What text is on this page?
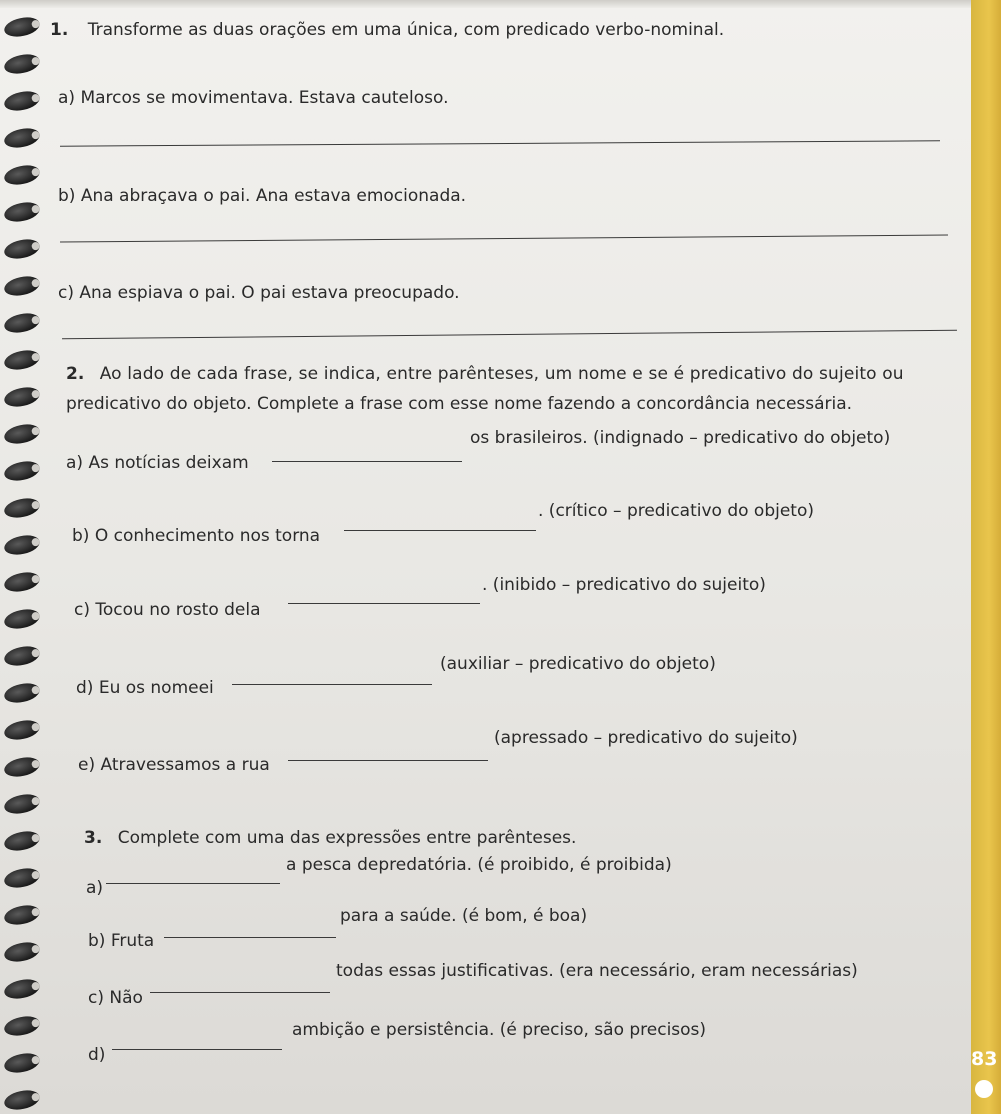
1. Transforme as duas orações em uma única, com predicado verbo-nominal.
a) Marcos se movimentava. Estava cauteloso.
b) Ana abraçava o pai. Ana estava emocionada.
c) Ana espiava o pai. O pai estava preocupado.
2. Ao lado de cada frase, se indica, entre parênteses, um nome e se é predicativo do sujeito ou
predicativo do objeto. Complete a frase com esse nome fazendo a concordância necessária.
a) As notícias deixam
os brasileiros. (indignado – predicativo do objeto)
b) O conhecimento nos torna
. (crítico – predicativo do objeto)
c) Tocou no rosto dela
. (inibido – predicativo do sujeito)
d) Eu os nomeei
(auxiliar – predicativo do objeto)
e) Atravessamos a rua
(apressado – predicativo do sujeito)
3. Complete com uma das expressões entre parênteses.
a)
a pesca depredatória. (é proibido, é proibida)
b) Fruta
para a saúde. (é bom, é boa)
c) Não
todas essas justificativas. (era necessário, eram necessárias)
d)
ambição e persistência. (é preciso, são precisos)
83
